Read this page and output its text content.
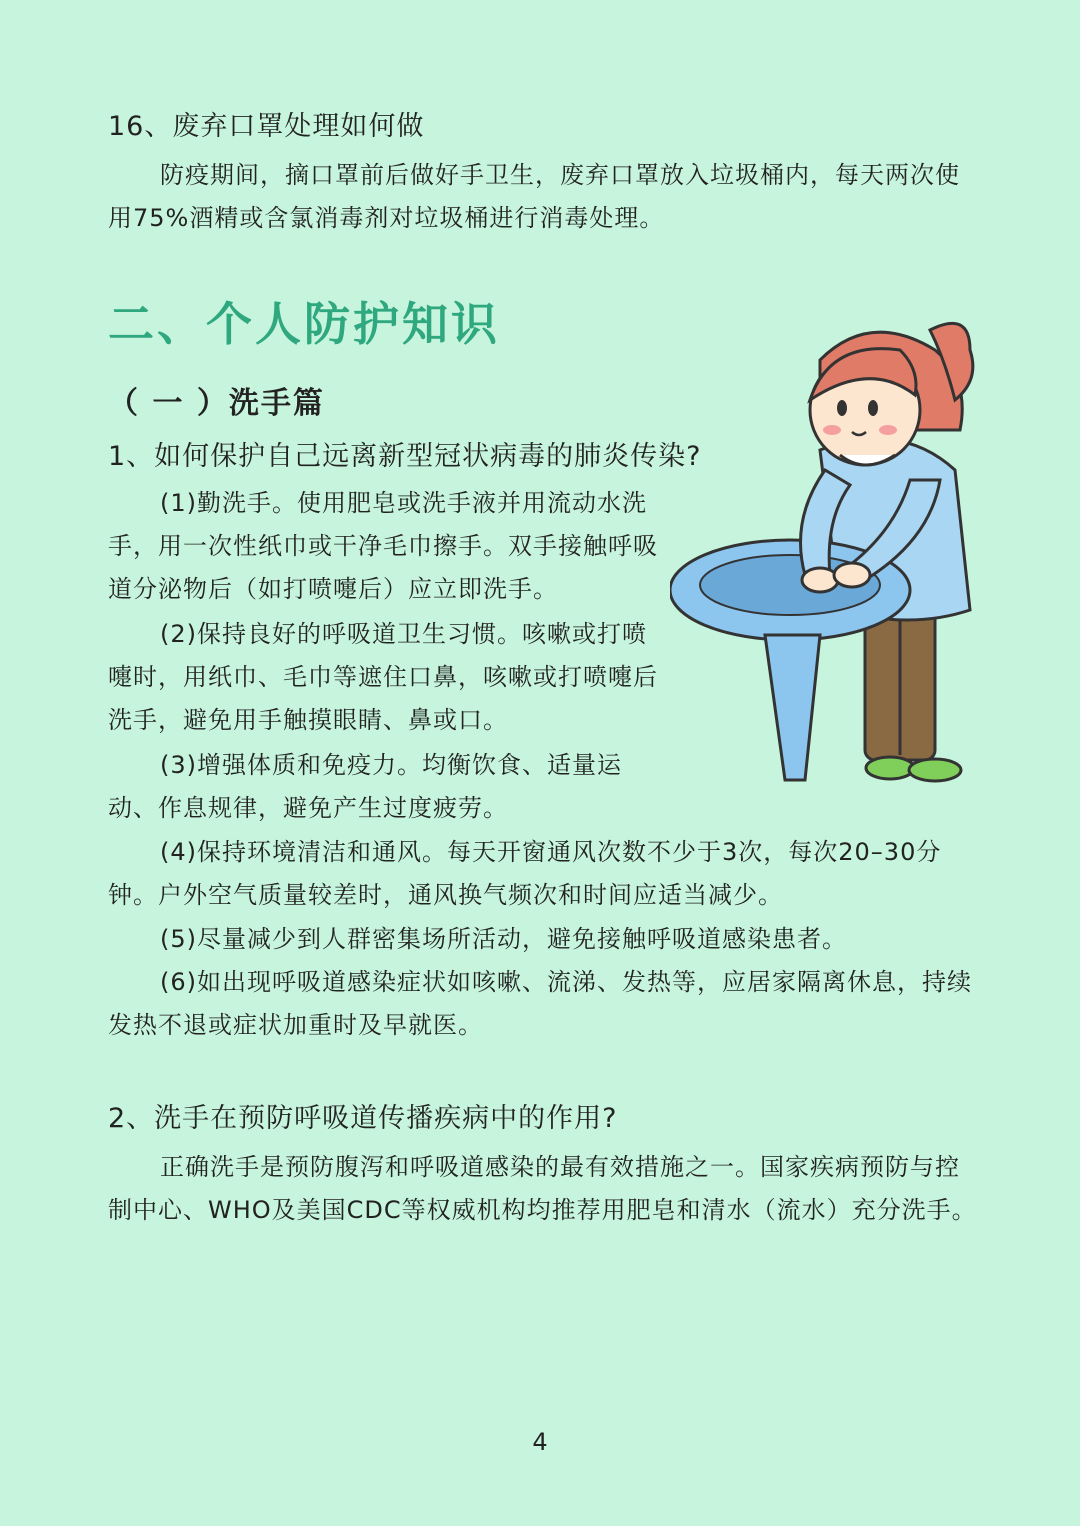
16、废弃口罩处理如何做
防疫期间，摘口罩前后做好手卫生，废弃口罩放入垃圾桶内，每天两次使用75%酒精或含氯消毒剂对垃圾桶进行消毒处理。
二、个人防护知识
（ 一 ）洗手篇
1、如何保护自己远离新型冠状病毒的肺炎传染?
(1)勤洗手。使用肥皂或洗手液并用流动水洗手，用一次性纸巾或干净毛巾擦手。双手接触呼吸道分泌物后（如打喷嚏后）应立即洗手。
(2)保持良好的呼吸道卫生习惯。咳嗽或打喷嚏时，用纸巾、毛巾等遮住口鼻，咳嗽或打喷嚏后洗手，避免用手触摸眼睛、鼻或口。
(3)增强体质和免疫力。均衡饮食、适量运动、作息规律，避免产生过度疲劳。
(4)保持环境清洁和通风。每天开窗通风次数不少于3次，每次20–30分钟。户外空气质量较差时，通风换气频次和时间应适当减少。
(5)尽量减少到人群密集场所活动，避免接触呼吸道感染患者。
(6)如出现呼吸道感染症状如咳嗽、流涕、发热等，应居家隔离休息，持续发热不退或症状加重时及早就医。
2、洗手在预防呼吸道传播疾病中的作用?
正确洗手是预防腹泻和呼吸道感染的最有效措施之一。国家疾病预防与控制中心、WHO及美国CDC等权威机构均推荐用肥皂和清水（流水）充分洗手。
4
